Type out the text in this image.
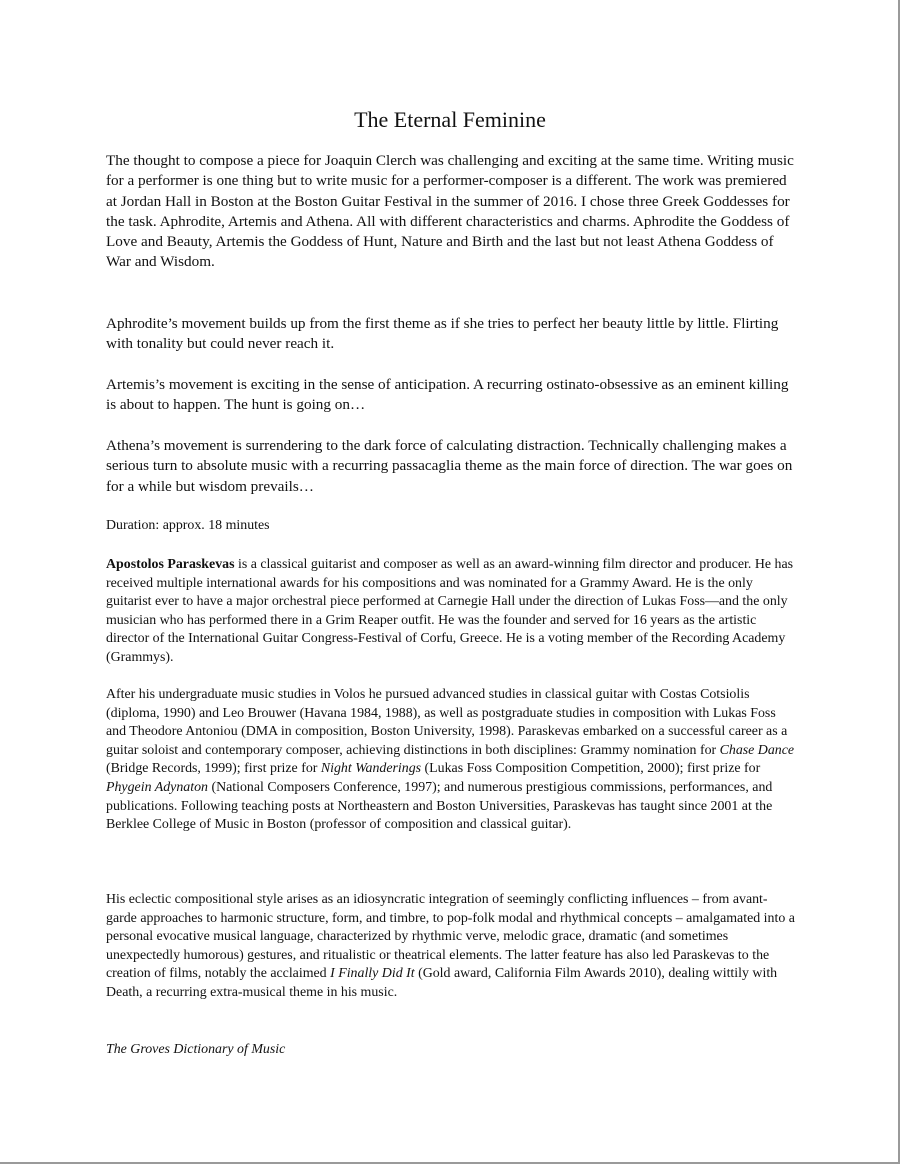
The Eternal Feminine

The thought to compose a piece for Joaquin Clerch was challenging and exciting at the same time. Writing music for a performer is one thing but to write music for a performer-composer is a different. The work was premiered at Jordan Hall in Boston at the Boston Guitar Festival in the summer of 2016. I chose three Greek Goddesses for the task. Aphrodite, Artemis and Athena. All with different characteristics and charms. Aphrodite the Goddess of Love and Beauty, Artemis the Goddess of Hunt, Nature and Birth and the last but not least Athena Goddess of War and Wisdom.

Aphrodite’s movement builds up from the first theme as if she tries to perfect her beauty little by little. Flirting with tonality but could never reach it.

Artemis’s movement is exciting in the sense of anticipation. A recurring ostinato-obsessive as an eminent killing is about to happen. The hunt is going on…

Athena’s movement is surrendering to the dark force of calculating distraction. Technically challenging makes a serious turn to absolute music with a recurring passacaglia theme as the main force of direction. The war goes on for a while but wisdom prevails…

Duration: approx. 18 minutes

Apostolos Paraskevas is a classical guitarist and composer as well as an award-winning film director and producer. He has received multiple international awards for his compositions and was nominated for a Grammy Award. He is the only guitarist ever to have a major orchestral piece performed at Carnegie Hall under the direction of Lukas Foss—and the only musician who has performed there in a Grim Reaper outfit. He was the founder and served for 16 years as the artistic director of the International Guitar Congress-Festival of Corfu, Greece. He is a voting member of the Recording Academy (Grammys).

After his undergraduate music studies in Volos he pursued advanced studies in classical guitar with Costas Cotsiolis (diploma, 1990) and Leo Brouwer (Havana 1984, 1988), as well as postgraduate studies in composition with Lukas Foss and Theodore Antoniou (DMA in composition, Boston University, 1998). Paraskevas embarked on a successful career as a guitar soloist and contemporary composer, achieving distinctions in both disciplines: Grammy nomination for Chase Dance (Bridge Records, 1999); first prize for Night Wanderings (Lukas Foss Composition Competition, 2000); first prize for Phygein Adynaton (National Composers Conference, 1997); and numerous prestigious commissions, performances, and publications. Following teaching posts at Northeastern and Boston Universities, Paraskevas has taught since 2001 at the Berklee College of Music in Boston (professor of composition and classical guitar).

His eclectic compositional style arises as an idiosyncratic integration of seemingly conflicting influences – from avant-garde approaches to harmonic structure, form, and timbre, to pop-folk modal and rhythmical concepts – amalgamated into a personal evocative musical language, characterized by rhythmic verve, melodic grace, dramatic (and sometimes unexpectedly humorous) gestures, and ritualistic or theatrical elements. The latter feature has also led Paraskevas to the creation of films, notably the acclaimed I Finally Did It (Gold award, California Film Awards 2010), dealing wittily with Death, a recurring extra-musical theme in his music.

The Groves Dictionary of Music
